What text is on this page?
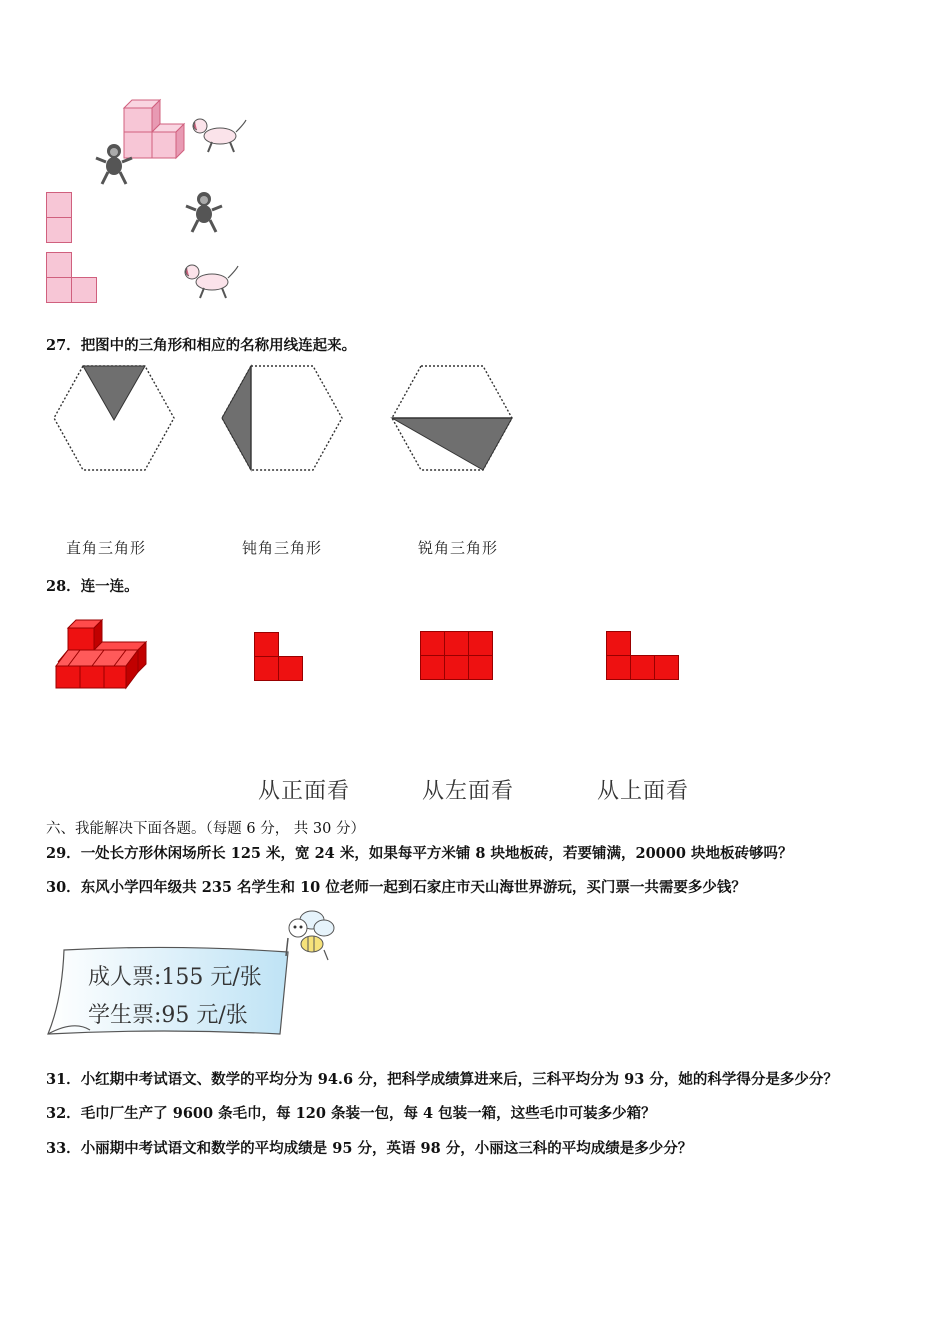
27．把图中的三角形和相应的名称用线连起来。
直角三角形	钝角三角形	锐角三角形
28．连一连。
从正面看	从左面看	从上面看
六、我能解决下面各题。（每题 6 分， 共 30 分）
29．一处长方形休闲场所长 125 米，宽 24 米，如果每平方米铺 8 块地板砖，若要铺满，20000 块地板砖够吗？
30．东风小学四年级共 235 名学生和 10 位老师一起到石家庄市天山海世界游玩，买门票一共需要多少钱？
成人票:155 元/张
学生票:95 元/张
31．小红期中考试语文、数学的平均分为 94.6 分，把科学成绩算进来后，三科平均分为 93 分，她的科学得分是多少分？
32．毛巾厂生产了 9600 条毛巾，每 120 条装一包，每 4 包装一箱，这些毛巾可装多少箱？
33．小丽期中考试语文和数学的平均成绩是 95 分，英语 98 分，小丽这三科的平均成绩是多少分？
